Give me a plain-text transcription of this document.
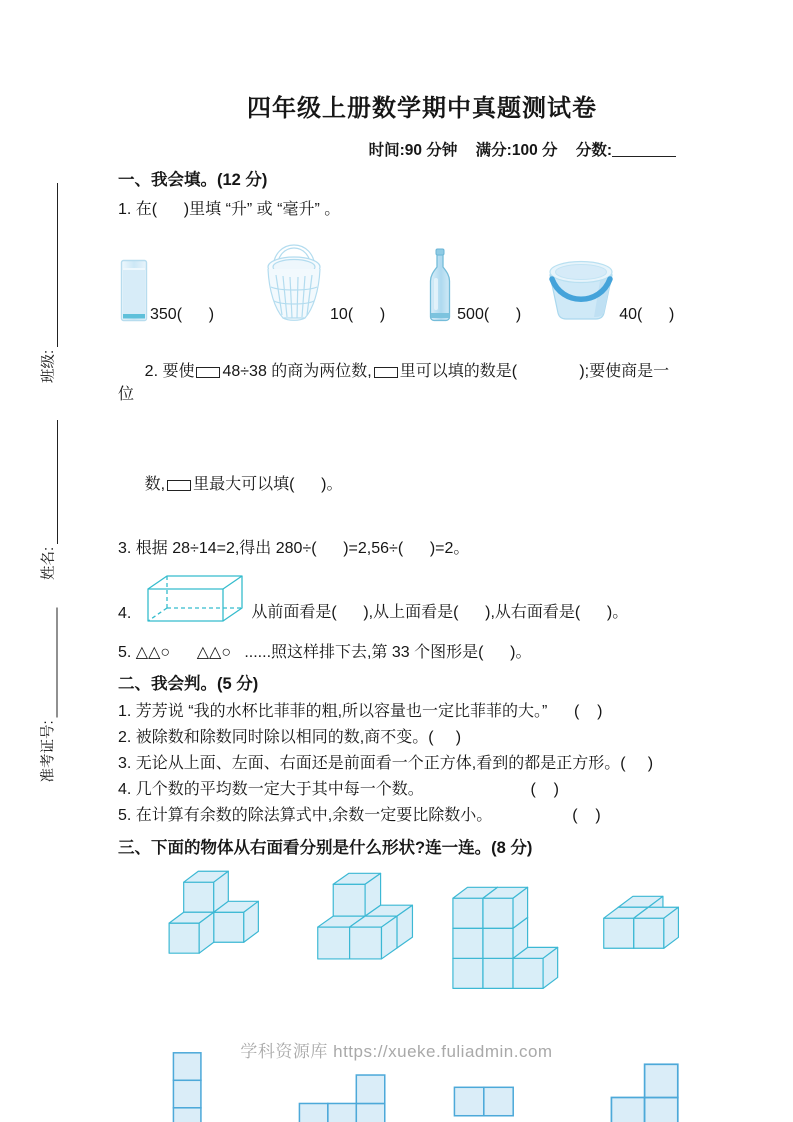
班级:
姓名:
准考证号:
四年级上册数学期中真题测试卷
时间:90 分钟 满分:100 分 分数:
一、我会填。(12 分)
1. 在(      )里填 “升” 或 “毫升” 。
350(      )	10(      )	500(      )	40(      )

2. 要使 48÷38 的商为两位数, 里可以填的数是(              );要使商是一位

数, 里最大可以填(      )。

3. 根据 28÷14=2,得出 280÷(      )=2,56÷(      )=2。
4.	从前面看是(      ),从上面看是(      ),从右面看是(      )。
5. △△○      △△○   ......照这样排下去,第 33 个图形是(      )。
二、我会判。(5 分)
1. 芳芳说 “我的水杯比菲菲的粗,所以容量也一定比菲菲的大。”      (    )
2. 被除数和除数同时除以相同的数,商不变。(     )
3. 无论从上面、左面、右面还是前面看一个正方体,看到的都是正方形。(     )
4. 几个数的平均数一定大于其中每一个数。                        (    )
5. 在计算有余数的除法算式中,余数一定要比除数小。                  (    )
三、下面的物体从右面看分别是什么形状?连一连。(8 分)
学科资源库 https://xueke.fuliadmin.com
